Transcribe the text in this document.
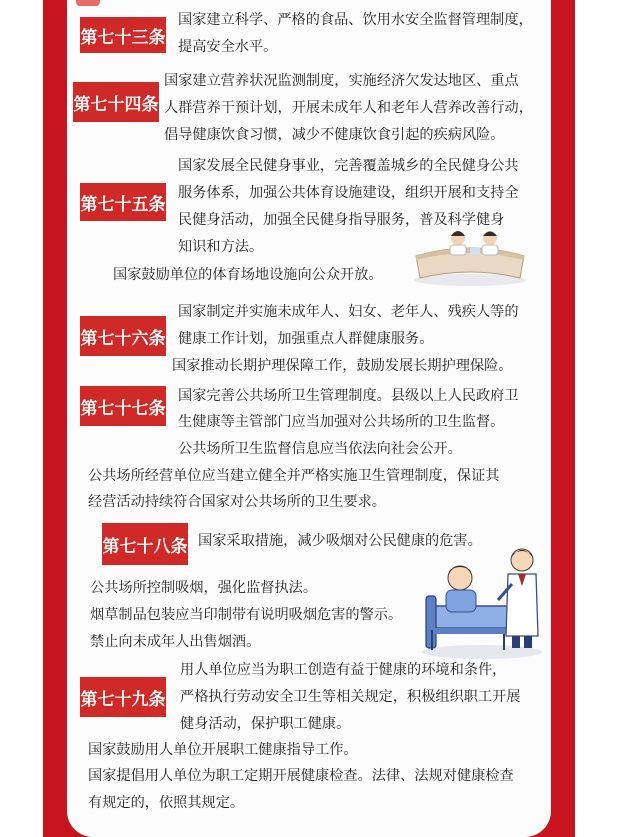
第七十三条
国家建立科学、严格的食品、饮用水安全监督管理制度，
提高安全水平。
第七十四条
国家建立营养状况监测制度，实施经济欠发达地区、重点
人群营养干预计划，开展未成年人和老年人营养改善行动，
倡导健康饮食习惯，减少不健康饮食引起的疾病风险。
第七十五条
国家发展全民健身事业，完善覆盖城乡的全民健身公共
服务体系，加强公共体育设施建设，组织开展和支持全
民健身活动，加强全民健身指导服务，普及科学健身
知识和方法。
国家鼓励单位的体育场地设施向公众开放。
第七十六条
国家制定并实施未成年人、妇女、老年人、残疾人等的
健康工作计划，加强重点人群健康服务。
国家推动长期护理保障工作，鼓励发展长期护理保险。
第七十七条
国家完善公共场所卫生管理制度。县级以上人民政府卫
生健康等主管部门应当加强对公共场所的卫生监督。
公共场所卫生监督信息应当依法向社会公开。
公共场所经营单位应当建立健全并严格实施卫生管理制度，保证其
经营活动持续符合国家对公共场所的卫生要求。
第七十八条 国家采取措施，减少吸烟对公民健康的危害。
公共场所控制吸烟，强化监督执法。
烟草制品包装应当印制带有说明吸烟危害的警示。
禁止向未成年人出售烟酒。
第七十九条
用人单位应当为职工创造有益于健康的环境和条件，
严格执行劳动安全卫生等相关规定，积极组织职工开展
健身活动，保护职工健康。
国家鼓励用人单位开展职工健康指导工作。
国家提倡用人单位为职工定期开展健康检查。法律、法规对健康检查
有规定的，依照其规定。
